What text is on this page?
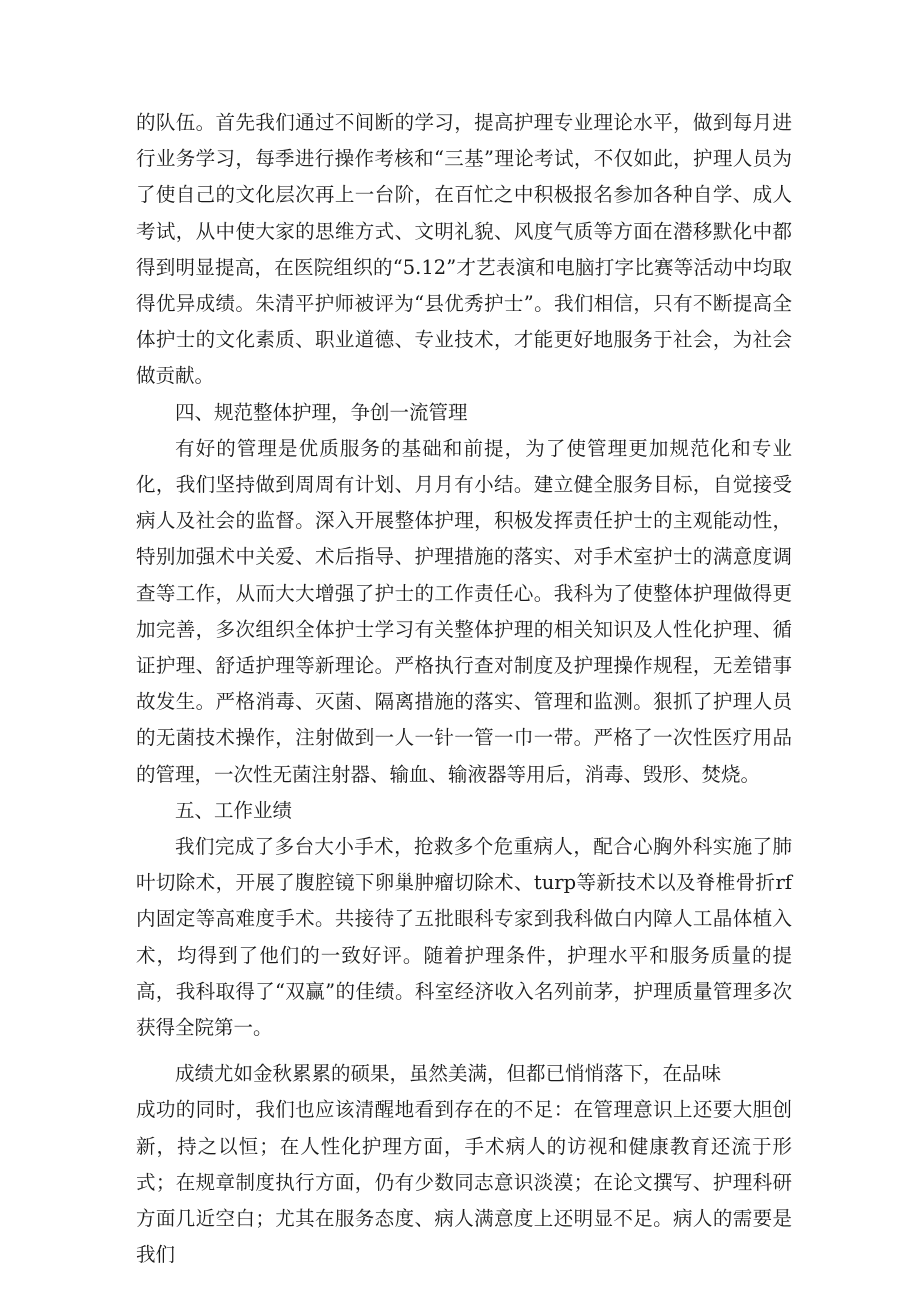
的队伍。首先我们通过不间断的学习，提高护理专业理论水平，做到每月进行业务学习，每季进行操作考核和“三基”理论考试，不仅如此，护理人员为了使自己的文化层次再上一台阶，在百忙之中积极报名参加各种自学、成人考试，从中使大家的思维方式、文明礼貌、风度气质等方面在潜移默化中都得到明显提高，在医院组织的“5.12”才艺表演和电脑打字比赛等活动中均取得优异成绩。朱清平护师被评为“县优秀护士”。我们相信，只有不断提高全体护士的文化素质、职业道德、专业技术，才能更好地服务于社会，为社会做贡献。

四、规范整体护理，争创一流管理

有好的管理是优质服务的基础和前提，为了使管理更加规范化和专业化，我们坚持做到周周有计划、月月有小结。建立健全服务目标，自觉接受病人及社会的监督。深入开展整体护理，积极发挥责任护士的主观能动性，特别加强术中关爱、术后指导、护理措施的落实、对手术室护士的满意度调查等工作，从而大大增强了护士的工作责任心。我科为了使整体护理做得更加完善，多次组织全体护士学习有关整体护理的相关知识及人性化护理、循证护理、舒适护理等新理论。严格执行查对制度及护理操作规程，无差错事故发生。严格消毒、灭菌、隔离措施的落实、管理和监测。狠抓了护理人员的无菌技术操作，注射做到一人一针一管一巾一带。严格了一次性医疗用品的管理，一次性无菌注射器、输血、输液器等用后，消毒、毁形、焚烧。

五、工作业绩

我们完成了多台大小手术，抢救多个危重病人，配合心胸外科实施了肺叶切除术，开展了腹腔镜下卵巢肿瘤切除术、turp等新技术以及脊椎骨折rf内固定等高难度手术。共接待了五批眼科专家到我科做白内障人工晶体植入术，均得到了他们的一致好评。随着护理条件，护理水平和服务质量的提高，我科取得了“双赢”的佳绩。科室经济收入名列前茅，护理质量管理多次获得全院第一。

成绩尤如金秋累累的硕果，虽然美满，但都已悄悄落下，在品味

成功的同时，我们也应该清醒地看到存在的不足：在管理意识上还要大胆创新，持之以恒；在人性化护理方面，手术病人的访视和健康教育还流于形式；在规章制度执行方面，仍有少数同志意识淡漠；在论文撰写、护理科研方面几近空白；尤其在服务态度、病人满意度上还明显不足。病人的需要是我们
